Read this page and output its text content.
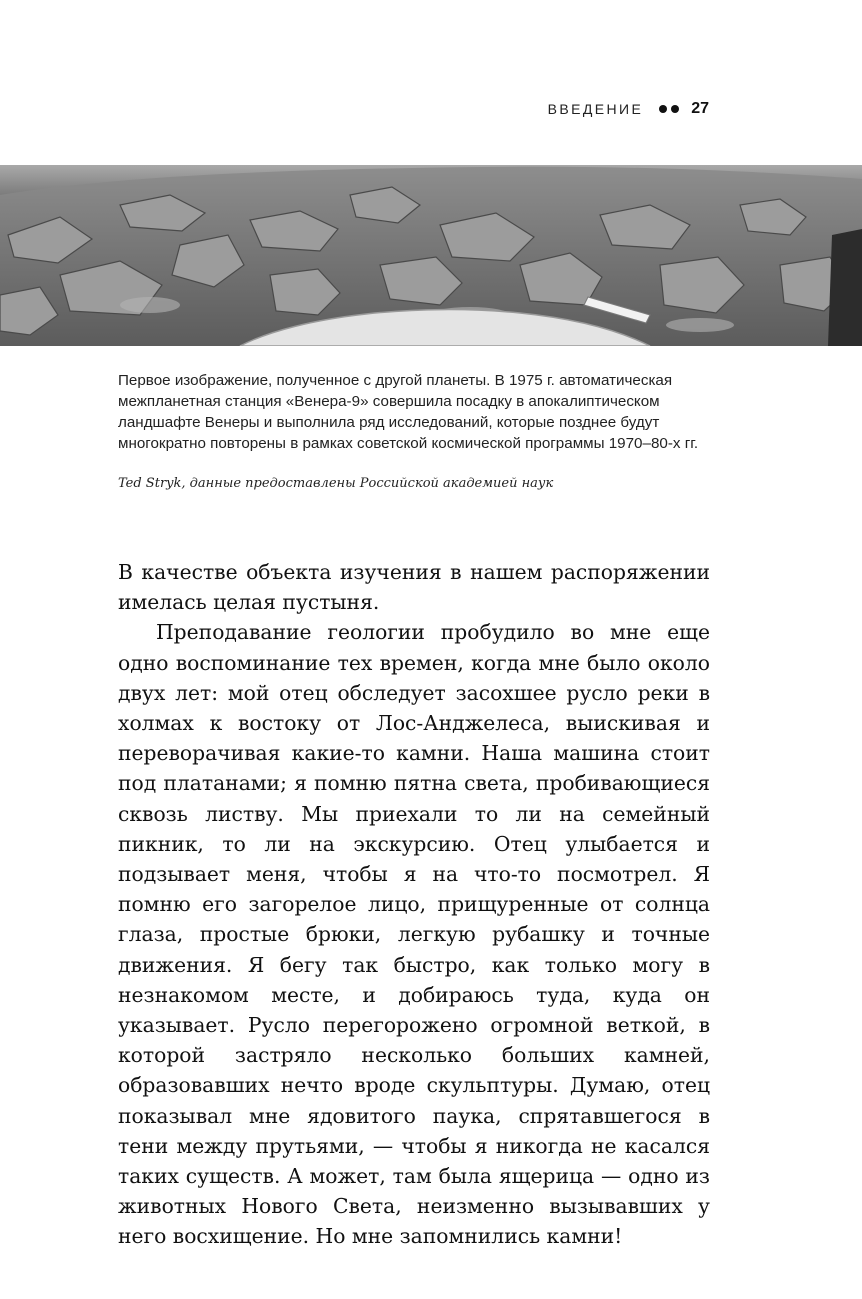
ВВЕДЕНИЕ	27

Первое изображение, полученное с другой планеты. В 1975 г. автоматическая межпланетная станция «Венера-9» совершила посадку в апокалиптическом ландшафте Венеры и выполнила ряд исследований, которые позднее будут многократно повторены в рамках советской космической программы 1970–80-х гг.

Ted Stryk, данные предоставлены Российской академией наук

В качестве объекта изучения в нашем распоряжении имелась целая пустыня.

Преподавание геологии пробудило во мне еще одно воспоминание тех времен, когда мне было около двух лет: мой отец обследует засохшее русло реки в холмах к востоку от Лос-Анджелеса, выискивая и переворачивая какие-то камни. Наша машина стоит под платанами; я помню пятна света, пробивающиеся сквозь листву. Мы приехали то ли на семейный пикник, то ли на экскурсию. Отец улыбается и подзывает меня, чтобы я на что-то посмотрел. Я помню его загорелое лицо, прищуренные от солнца глаза, простые брюки, легкую рубашку и точные движения. Я бегу так быстро, как только могу в незнакомом месте, и добираюсь туда, куда он указывает. Русло перегорожено огромной веткой, в которой застряло несколько больших камней, образовавших нечто вроде скульптуры. Думаю, отец показывал мне ядовитого паука, спрятавшегося в тени между прутьями, — чтобы я никогда не касался таких существ. А может, там была ящерица — одно из животных Нового Света, неизменно вызывавших у него восхищение. Но мне запомнились камни!
